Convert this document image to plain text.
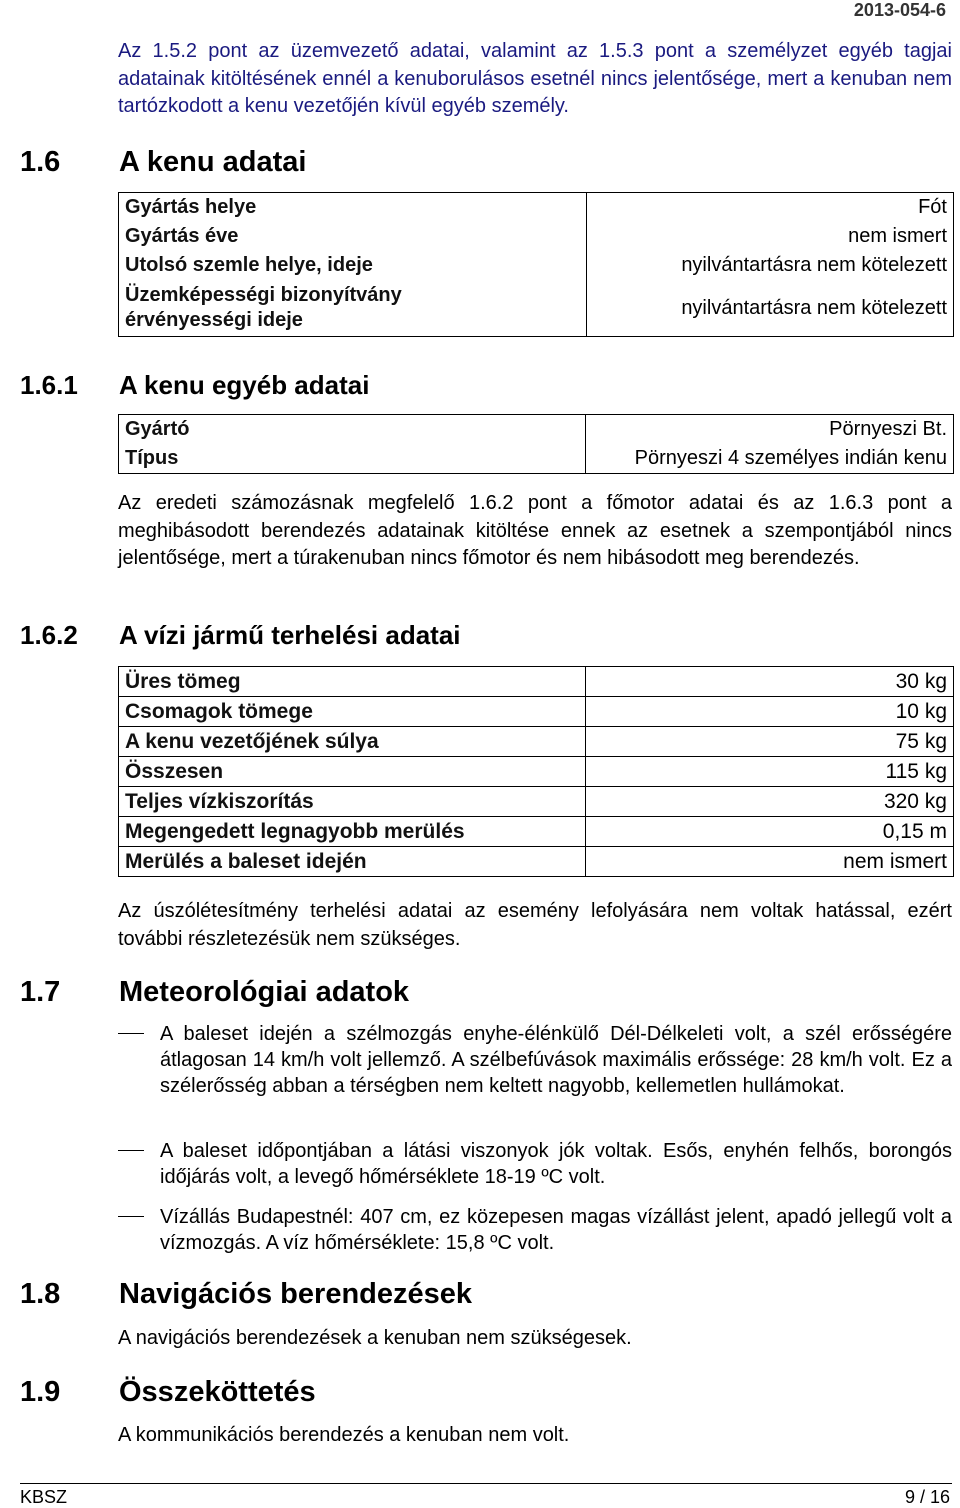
2013-054-6
Az 1.5.2 pont az üzemvezető adatai, valamint az 1.5.3 pont a személyzet egyéb tagjai adatainak kitöltésének ennél a kenuborulásos esetnél nincs jelentősége, mert a kenuban nem tartózkodott a kenu vezetőjén kívül egyéb személy.
1.6 A kenu adatai
Gyártás helye	Fót
Gyártás éve	nem ismert
Utolsó szemle helye, ideje	nyilvántartásra nem kötelezett
Üzemképességi bizonyítvány érvényességi ideje	nyilvántartásra nem kötelezett
1.6.1 A kenu egyéb adatai
Gyártó	Pörnyeszi Bt.
Típus	Pörnyeszi 4 személyes indián kenu
Az eredeti számozásnak megfelelő 1.6.2 pont a főmotor adatai és az 1.6.3 pont a meghibásodott berendezés adatainak kitöltése ennek az esetnek a szempontjából nincs jelentősége, mert a túrakenuban nincs főmotor és nem hibásodott meg berendezés.
1.6.2 A vízi jármű terhelési adatai
Üres tömeg	30 kg
Csomagok tömege	10 kg
A kenu vezetőjének súlya	75 kg
Összesen	115 kg
Teljes vízkiszorítás	320 kg
Megengedett legnagyobb merülés	0,15 m
Merülés a baleset idején	nem ismert
Az úszólétesítmény terhelési adatai az esemény lefolyására nem voltak hatással, ezért további részletezésük nem szükséges.
1.7 Meteorológiai adatok
A baleset idején a szélmozgás enyhe-élénkülő Dél-Délkeleti volt, a szél erősségére átlagosan 14 km/h volt jellemző. A szélbefúvások maximális erőssége: 28 km/h volt. Ez a szélerősség abban a térségben nem keltett nagyobb, kellemetlen hullámokat.
A baleset időpontjában a látási viszonyok jók voltak. Esős, enyhén felhős, borongós időjárás volt, a levegő hőmérséklete 18-19 ºC volt.
Vízállás Budapestnél: 407 cm, ez közepesen magas vízállást jelent, apadó jellegű volt a vízmozgás. A víz hőmérséklete: 15,8 ºC volt.
1.8 Navigációs berendezések
A navigációs berendezések a kenuban nem szükségesek.
1.9 Összeköttetés
A kommunikációs berendezés a kenuban nem volt.
KBSZ	9 / 16
